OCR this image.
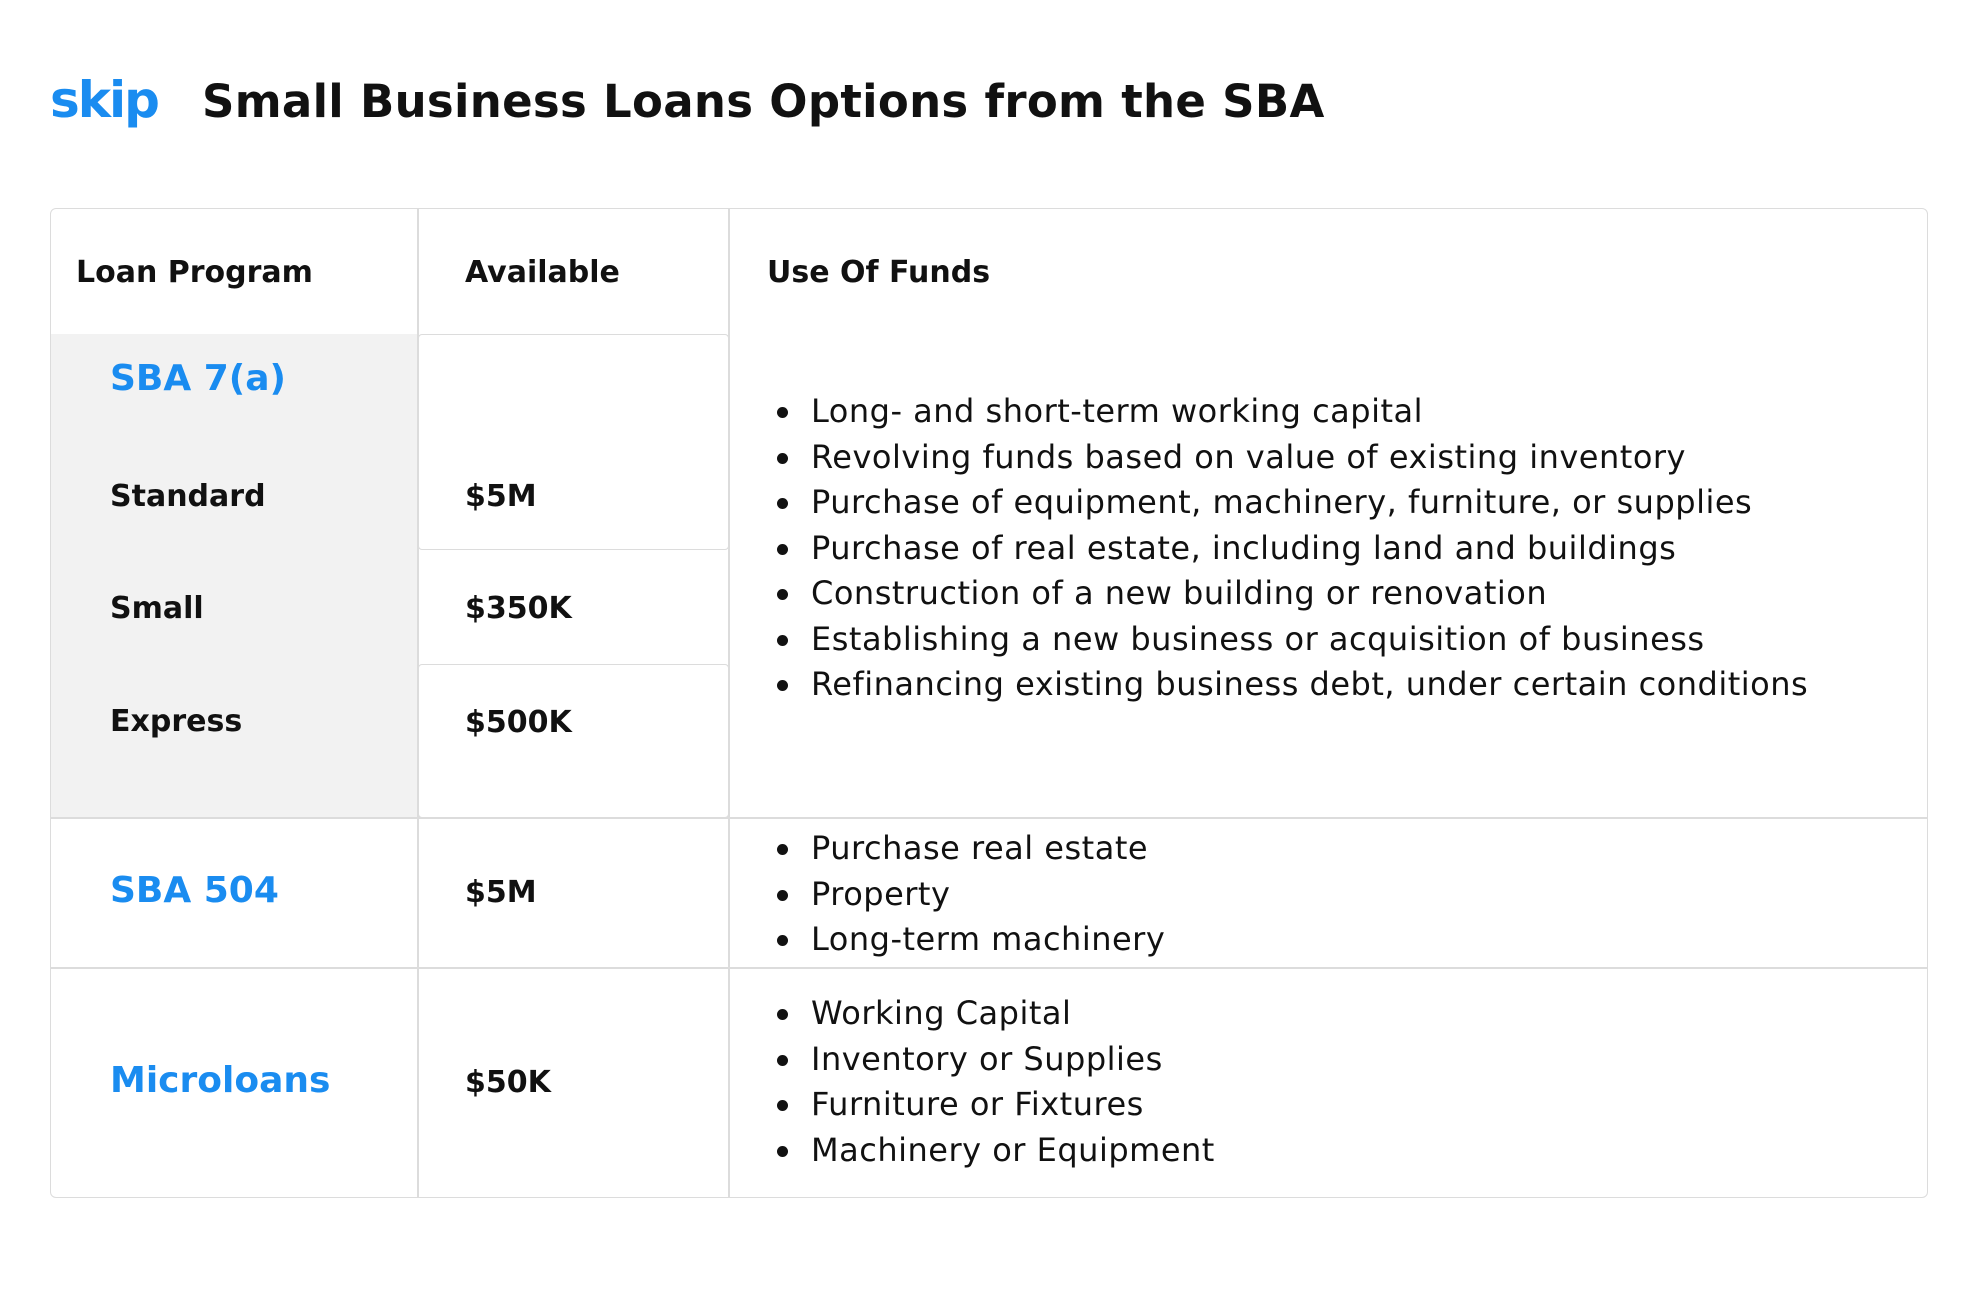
skip Small Business Loans Options from the SBA
Loan Program	Available	Use Of Funds
SBA 7(a)
Standard	$5M
Small	$350K
Express	$500K
Long- and short-term working capital
Revolving funds based on value of existing inventory
Purchase of equipment, machinery, furniture, or supplies
Purchase of real estate, including land and buildings
Construction of a new building or renovation
Establishing a new business or acquisition of business
Refinancing existing business debt, under certain conditions
SBA 504	$5M
Purchase real estate
Property
Long-term machinery
Microloans	$50K
Working Capital
Inventory or Supplies
Furniture or Fixtures
Machinery or Equipment
